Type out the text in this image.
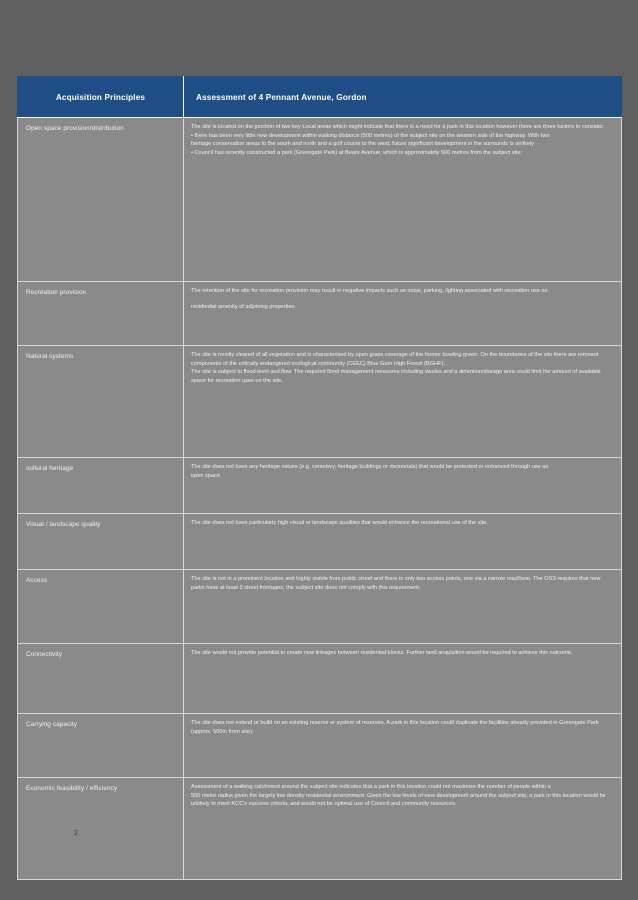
Acquisition Principles	Assessment of 4 Pennant Avenue, Gordon
Open space provision/distribution	The site is located on the junction of two key Local areas which might indicate that there is a need for a park in this location however there are three factors to consider:

• there has been very little new development within walking distance (500 metres) of the subject site on the western side of the highway. With two

heritage conservation areas to the south and north and a golf course to the west, future significant development in the surrounds is unlikely

• Council has recently constructed a park (Greengate Park) at Beare Avenue, which is approximately 500 metres from the subject site;

Recreation provision	The retention of the site for recreation provision may result in negative impacts such as noise, parking, lighting associated with recreation use on

residential amenity of adjoining properties.

Natural systems	The site is mostly cleared of all vegetation and is characterised by open grass coverage of the former bowling green. On the boundaries of the site there are remnant components of the critically endangered ecological community (CEEC) Blue Gum High Forest (BGHF).

The site is subject to flood level and flow. The required flood management measures including swales and a detention/storage area could limit the amount of available space for recreation uses on the site.

cultural heritage	The site does not have any heritage values (e.g. cemetery, heritage buildings or memorials) that would be protected or enhanced through use as

open space.

Visual / landscape quality	The site does not have particularly high visual or landscape qualities that would enhance the recreational use of the site.

Access	The site is not in a prominent location and highly visible from public street and there is only two access points, one via a narrow road/lane. The OSS requires that new parks have at least 3 street frontages, the subject site does not comply with this requirement.

Connectivity	The site would not provide potential to create new linkages between residential blocks. Further land acquisition would be required to achieve this outcome.

Carrying capacity	The site does not extend or build on an existing reserve or system of reserves. A park in this location could duplicate the facilities already provided in Greengate Park (approx. 500m from site).

Economic feasibility / efficiency	Assessment of a walking catchment around the subject site indicates that a park in this location could not maximise the number of people within a

500 metre radius given the largely low density residential environment. Given the low levels of new development around the subject site, a park in this location would be unlikely to meet KCC's success criteria, and would not be optimal use of Council and community resources.

2
